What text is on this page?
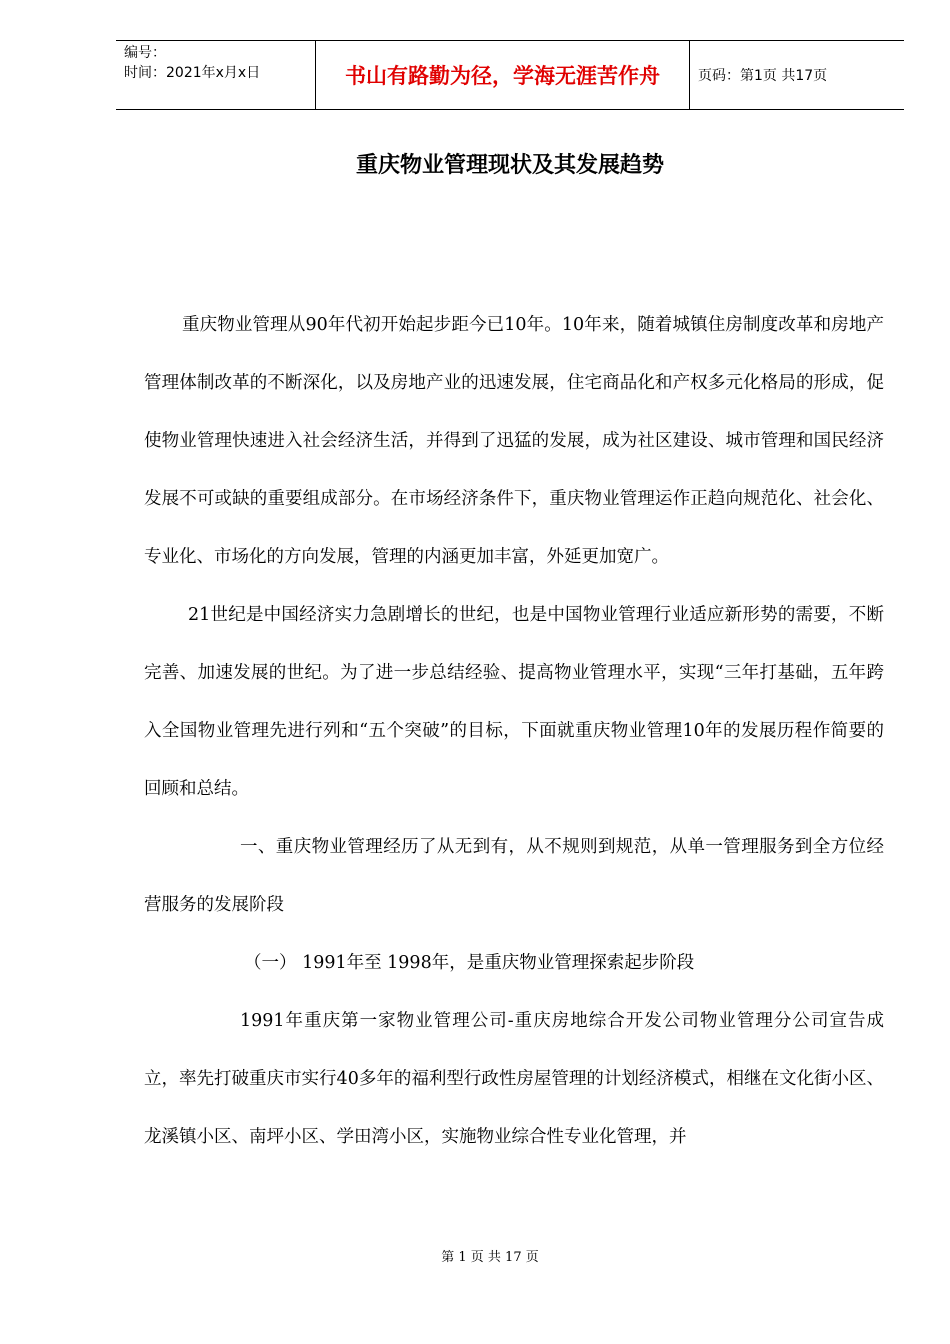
编号：
时间：2021年x月x日	书山有路勤为径，学海无涯苦作舟	页码：第1页 共17页
重庆物业管理现状及其发展趋势

重庆物业管理从90年代初开始起步距今已10年。10年来，随着城镇住房制度改革和房地产管理体制改革的不断深化，以及房地产业的迅速发展，住宅商品化和产权多元化格局的形成，促使物业管理快速进入社会经济生活，并得到了迅猛的发展，成为社区建设、城市管理和国民经济发展不可或缺的重要组成部分。在市场经济条件下，重庆物业管理运作正趋向规范化、社会化、专业化、市场化的方向发展，管理的内涵更加丰富，外延更加宽广。

21世纪是中国经济实力急剧增长的世纪，也是中国物业管理行业适应新形势的需要，不断完善、加速发展的世纪。为了进一步总结经验、提高物业管理水平，实现“三年打基础，五年跨入全国物业管理先进行列和“五个突破”的目标，下面就重庆物业管理10年的发展历程作简要的回顾和总结。

一、重庆物业管理经历了从无到有，从不规则到规范，从单一管理服务到全方位经营服务的发展阶段

（一） 1991年至 1998年，是重庆物业管理探索起步阶段

1991年重庆第一家物业管理公司-重庆房地综合开发公司物业管理分公司宣告成立，率先打破重庆市实行40多年的福利型行政性房屋管理的计划经济模式，相继在文化街小区、龙溪镇小区、南坪小区、学田湾小区，实施物业综合性专业化管理，并

第 1 页 共 17 页
